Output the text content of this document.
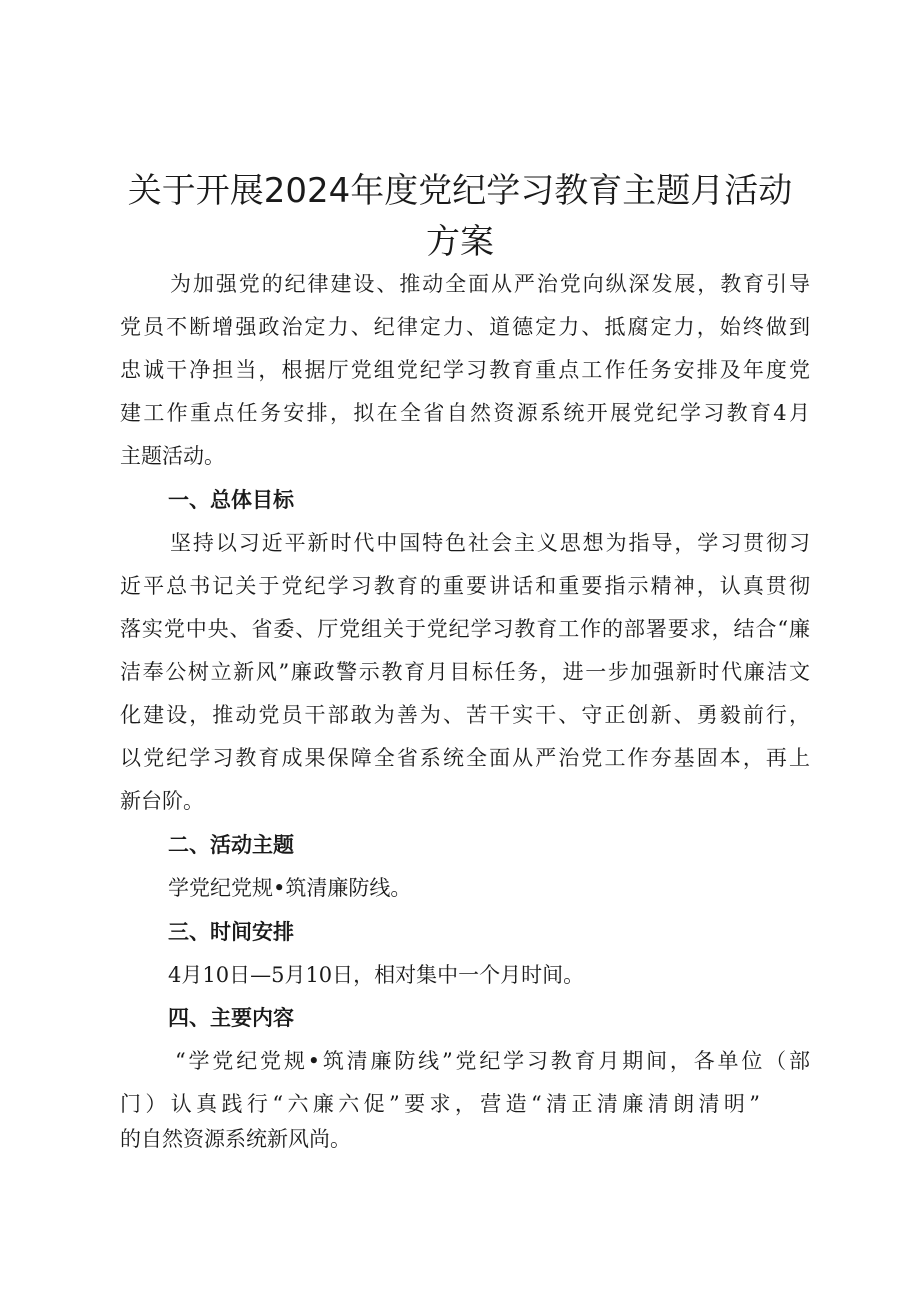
关于开展2024年度党纪学习教育主题月活动
方案

为加强党的纪律建设、推动全面从严治党向纵深发展，教育引导

党员不断增强政治定力、纪律定力、道德定力、抵腐定力，始终做到

忠诚干净担当，根据厅党组党纪学习教育重点工作任务安排及年度党

建工作重点任务安排，拟在全省自然资源系统开展党纪学习教育4月

主题活动。

一、总体目标

坚持以习近平新时代中国特色社会主义思想为指导，学习贯彻习

近平总书记关于党纪学习教育的重要讲话和重要指示精神，认真贯彻

落实党中央、省委、厅党组关于党纪学习教育工作的部署要求，结合“廉

洁奉公树立新风”廉政警示教育月目标任务，进一步加强新时代廉洁文

化建设，推动党员干部敢为善为、苦干实干、守正创新、勇毅前行，

以党纪学习教育成果保障全省系统全面从严治党工作夯基固本，再上

新台阶。

二、活动主题

学党纪党规•筑清廉防线。

三、时间安排

4月10日—5月10日，相对集中一个月时间。

四、主要内容

“学党纪党规•筑清廉防线”党纪学习教育月期间，各单位（部

门）认真践行“六廉六促”要求，营造“清正清廉清朗清明”

的自然资源系统新风尚。
